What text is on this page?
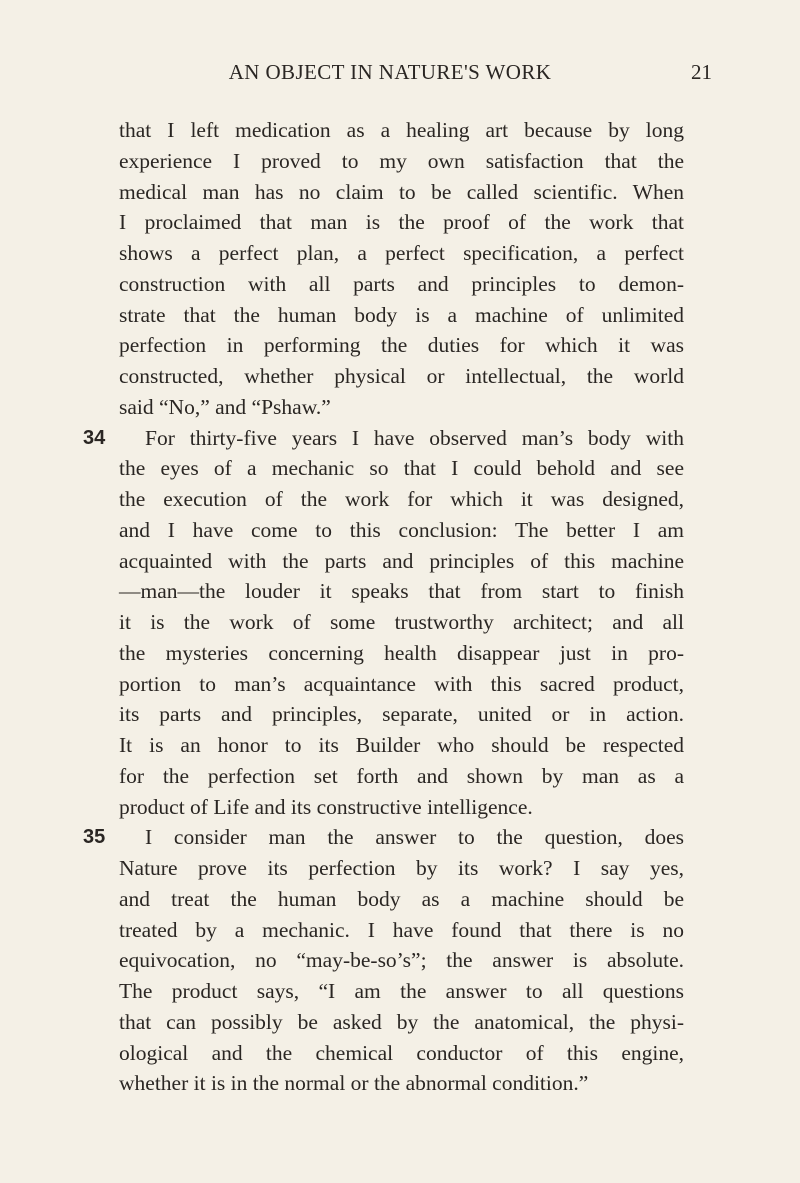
AN OBJECT IN NATURE'S WORK	21
that I left medication as a healing art because by long
experience I proved to my own satisfaction that the
medical man has no claim to be called scientific. When
I proclaimed that man is the proof of the work that
shows a perfect plan, a perfect specification, a perfect
construction with all parts and principles to demon-
strate that the human body is a machine of unlimited
perfection in performing the duties for which it was
constructed, whether physical or intellectual, the world
said “No,” and “Pshaw.”
34 For thirty-five years I have observed man’s body with
the eyes of a mechanic so that I could behold and see
the execution of the work for which it was designed,
and I have come to this conclusion: The better I am
acquainted with the parts and principles of this machine
—man—the louder it speaks that from start to finish
it is the work of some trustworthy architect; and all
the mysteries concerning health disappear just in pro-
portion to man’s acquaintance with this sacred product,
its parts and principles, separate, united or in action.
It is an honor to its Builder who should be respected
for the perfection set forth and shown by man as a
product of Life and its constructive intelligence.
35 I consider man the answer to the question, does
Nature prove its perfection by its work? I say yes,
and treat the human body as a machine should be
treated by a mechanic. I have found that there is no
equivocation, no “may-be-so’s”; the answer is absolute.
The product says, “I am the answer to all questions
that can possibly be asked by the anatomical, the physi-
ological and the chemical conductor of this engine,
whether it is in the normal or the abnormal condition.”
